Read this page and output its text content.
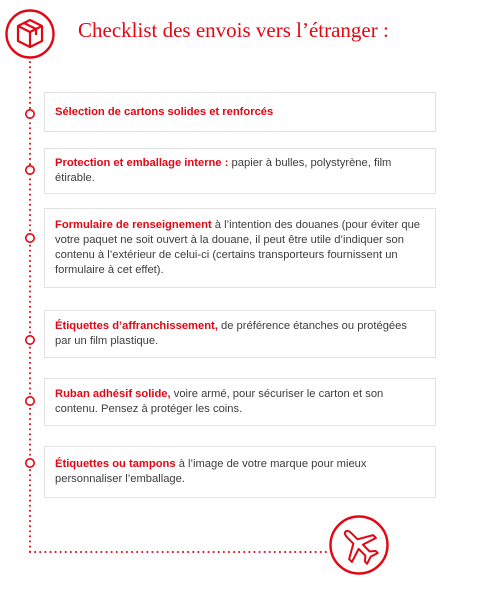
Checklist des envois vers l’étranger :
Sélection de cartons solides et renforcés
Protection et emballage interne : papier à bulles, polystyrène, film étirable.
Formulaire de renseignement à l’intention des douanes (pour éviter que votre paquet ne soit ouvert à la douane, il peut être utile d’indiquer son contenu à l’extérieur de celui-ci (certains transporteurs fournissent un formulaire à cet effet).
Étiquettes d’affranchissement, de préférence étanches ou protégées par un film plastique.
Ruban adhésif solide, voire armé, pour sécuriser le carton et son contenu. Pensez à protéger les coins.
Étiquettes ou tampons à l’image de votre marque pour mieux personnaliser l’emballage.
